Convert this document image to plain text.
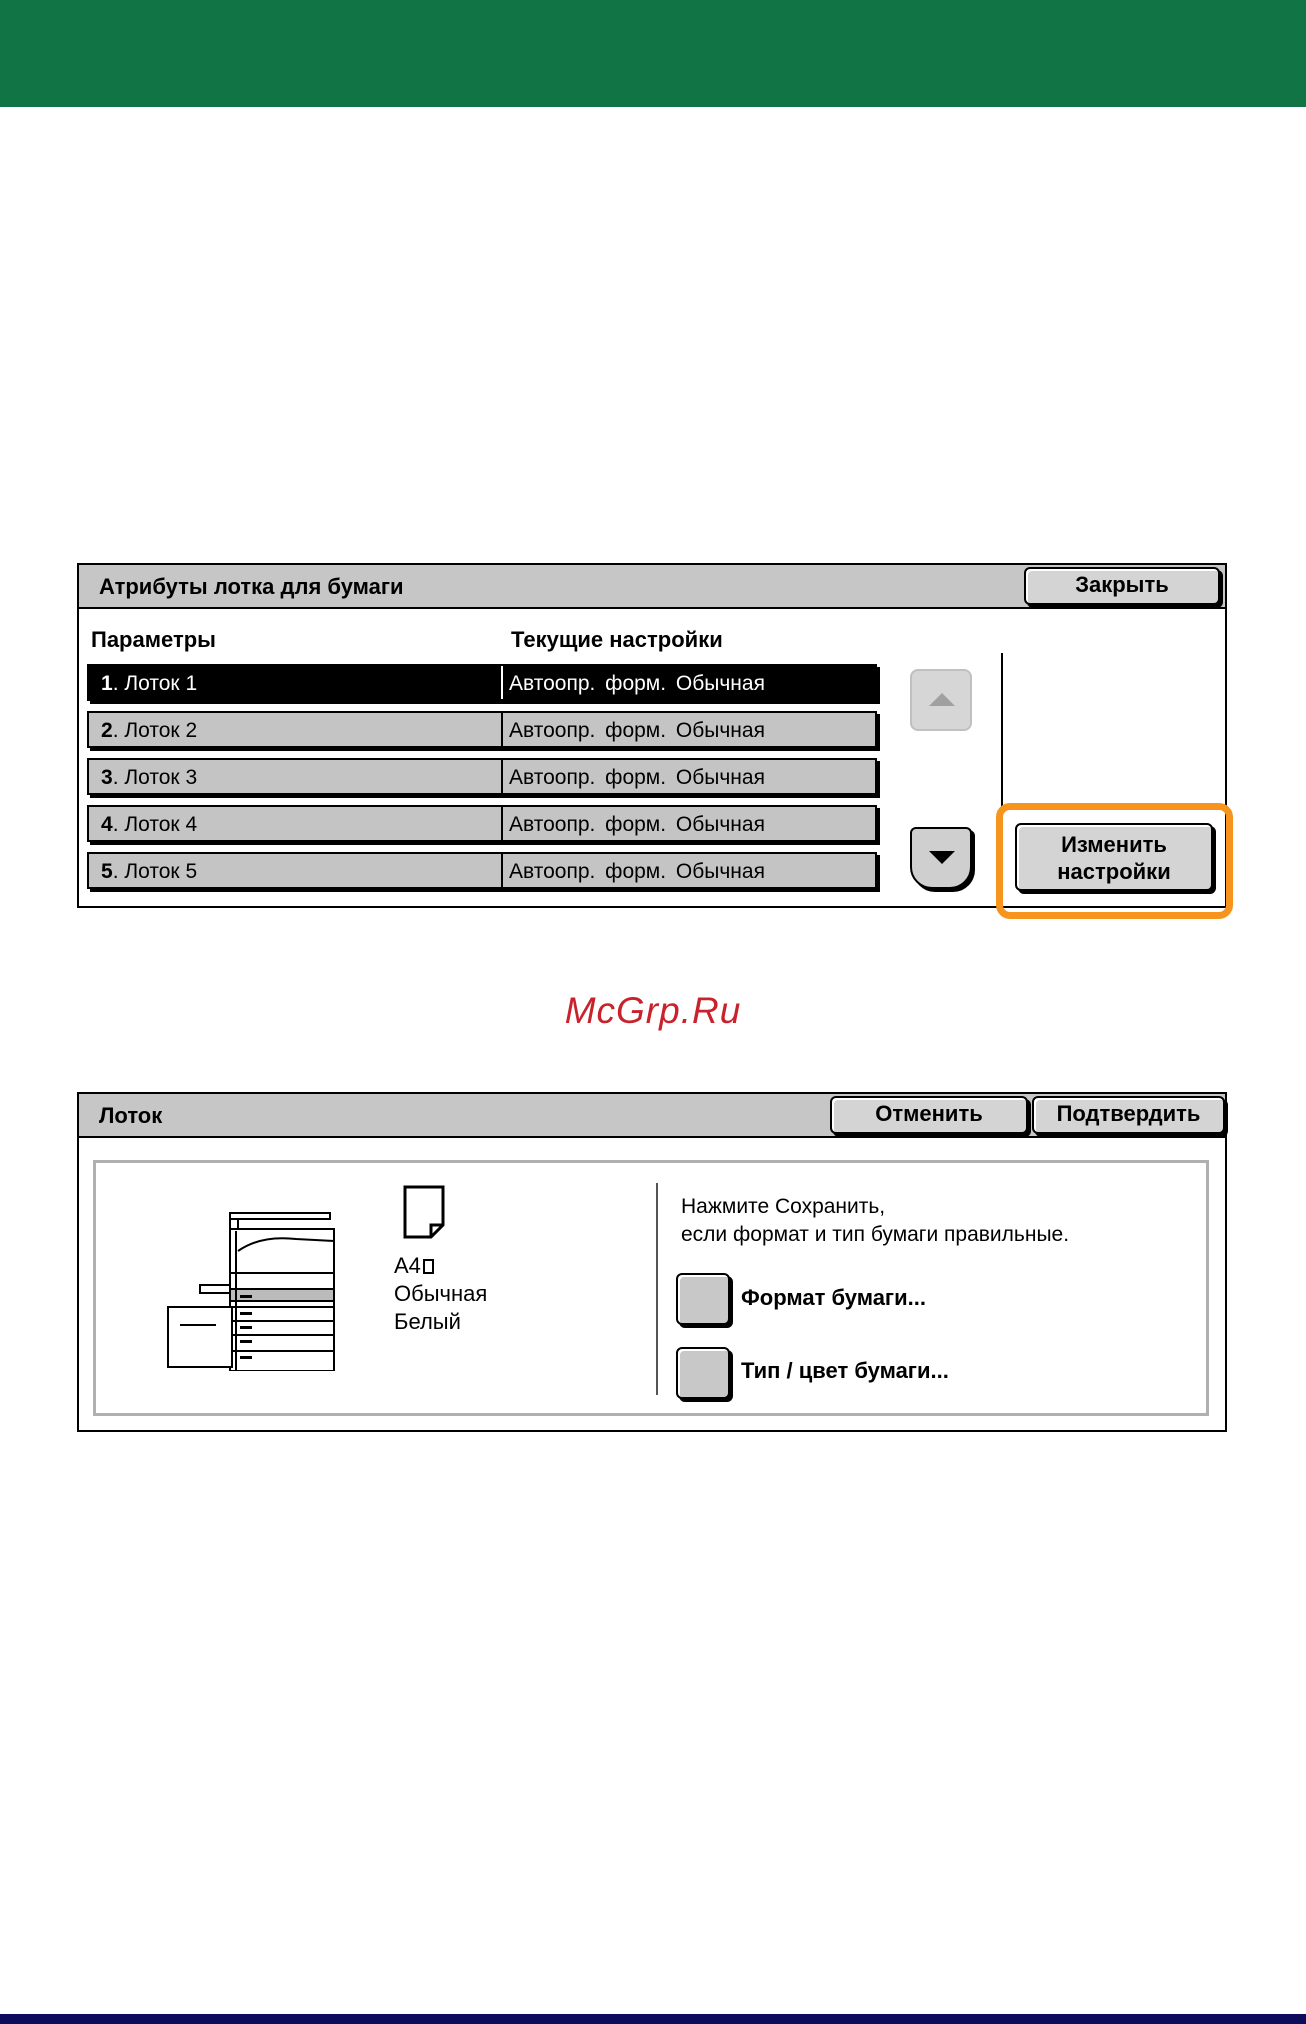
Атрибуты лотка для бумаги	Закрыть
Параметры	Текущие настройки
1. Лоток 1	Автоопр. форм. Обычная
2. Лоток 2	Автоопр. форм. Обычная
3. Лоток 3	Автоопр. форм. Обычная
4. Лоток 4	Автоопр. форм. Обычная
5. Лоток 5	Автоопр. форм. Обычная
Изменить
настройки
McGrp.Ru
Лоток	Отменить	Подтвердить
A4
Обычная
Белый
Нажмите Сохранить,
если формат и тип бумаги правильные.
Формат бумаги...
Тип / цвет бумаги...
